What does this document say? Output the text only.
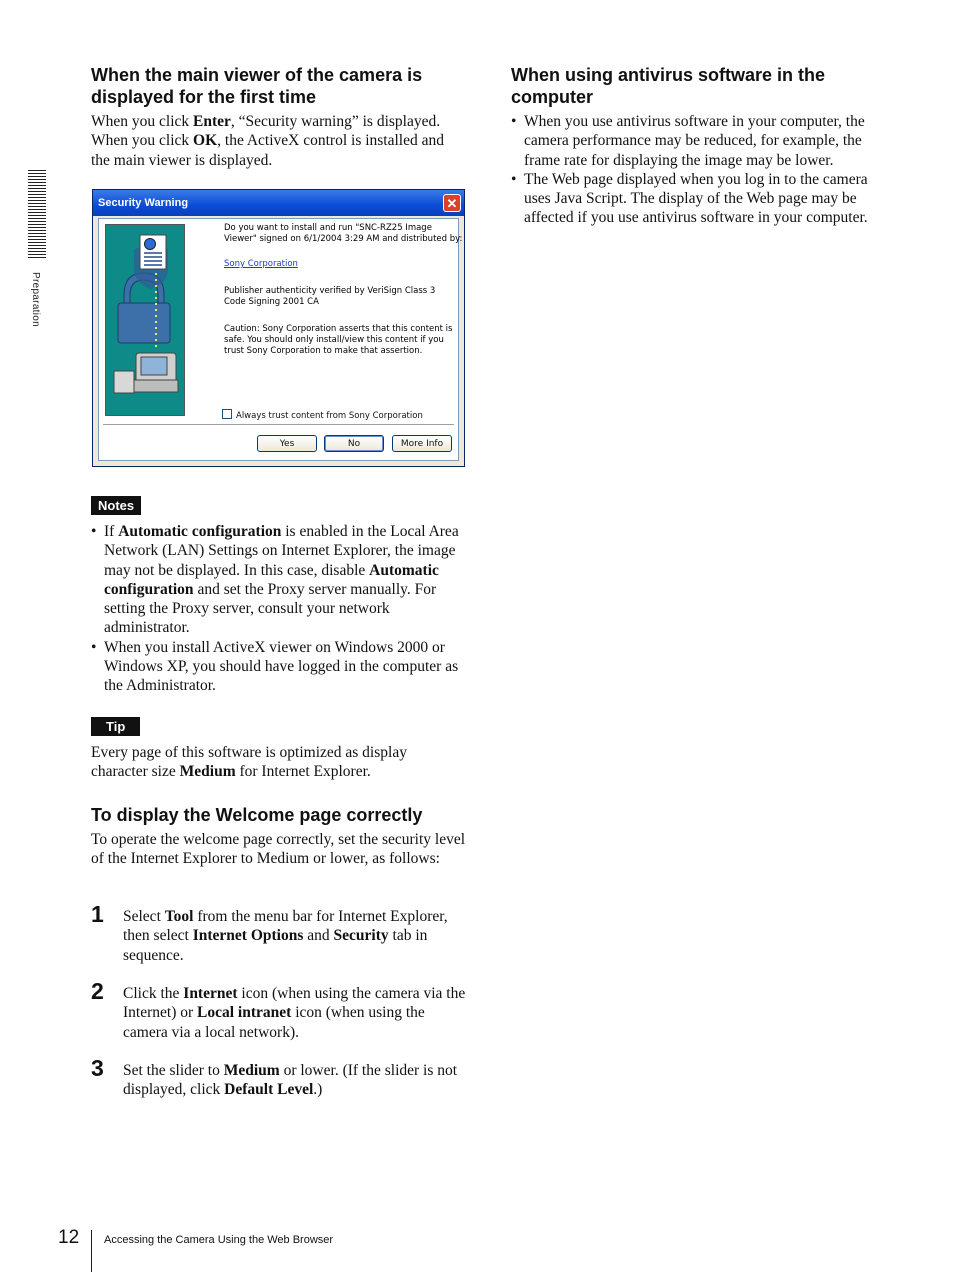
Preparation
When the main viewer of the camera is displayed for the first time

When you click Enter, “Security warning” is displayed. When you click OK, the ActiveX control is installed and the main viewer is displayed.

Security Warning	✕
Do you want to install and run "SNC-RZ25 Image Viewer" signed on 6/1/2004 3:29 AM and distributed by:
Sony Corporation
Publisher authenticity verified by VeriSign Class 3 Code Signing 2001 CA
Caution: Sony Corporation asserts that this content is safe. You should only install/view this content if you trust Sony Corporation to make that assertion.
Always trust content from Sony Corporation
Yes	No	More Info
Notes
• If Automatic configuration is enabled in the Local Area Network (LAN) Settings on Internet Explorer, the image may not be displayed. In this case, disable Automatic configuration and set the Proxy server manually. For setting the Proxy server, consult your network administrator.
• When you install ActiveX viewer on Windows 2000 or Windows XP, you should have logged in the computer as the Administrator.
Tip

Every page of this software is optimized as display character size Medium for Internet Explorer.

To display the Welcome page correctly

To operate the welcome page correctly, set the security level of the Internet Explorer to Medium or lower, as follows:

1 Select Tool from the menu bar for Internet Explorer, then select Internet Options and Security tab in sequence.
2 Click the Internet icon (when using the camera via the Internet) or Local intranet icon (when using the camera via a local network).
3 Set the slider to Medium or lower. (If the slider is not displayed, click Default Level.)
When using antivirus software in the computer
• When you use antivirus software in your computer, the camera performance may be reduced, for example, the frame rate for displaying the image may be lower.
• The Web page displayed when you log in to the camera uses Java Script. The display of the Web page may be affected if you use antivirus software in your computer.
12 Accessing the Camera Using the Web Browser
